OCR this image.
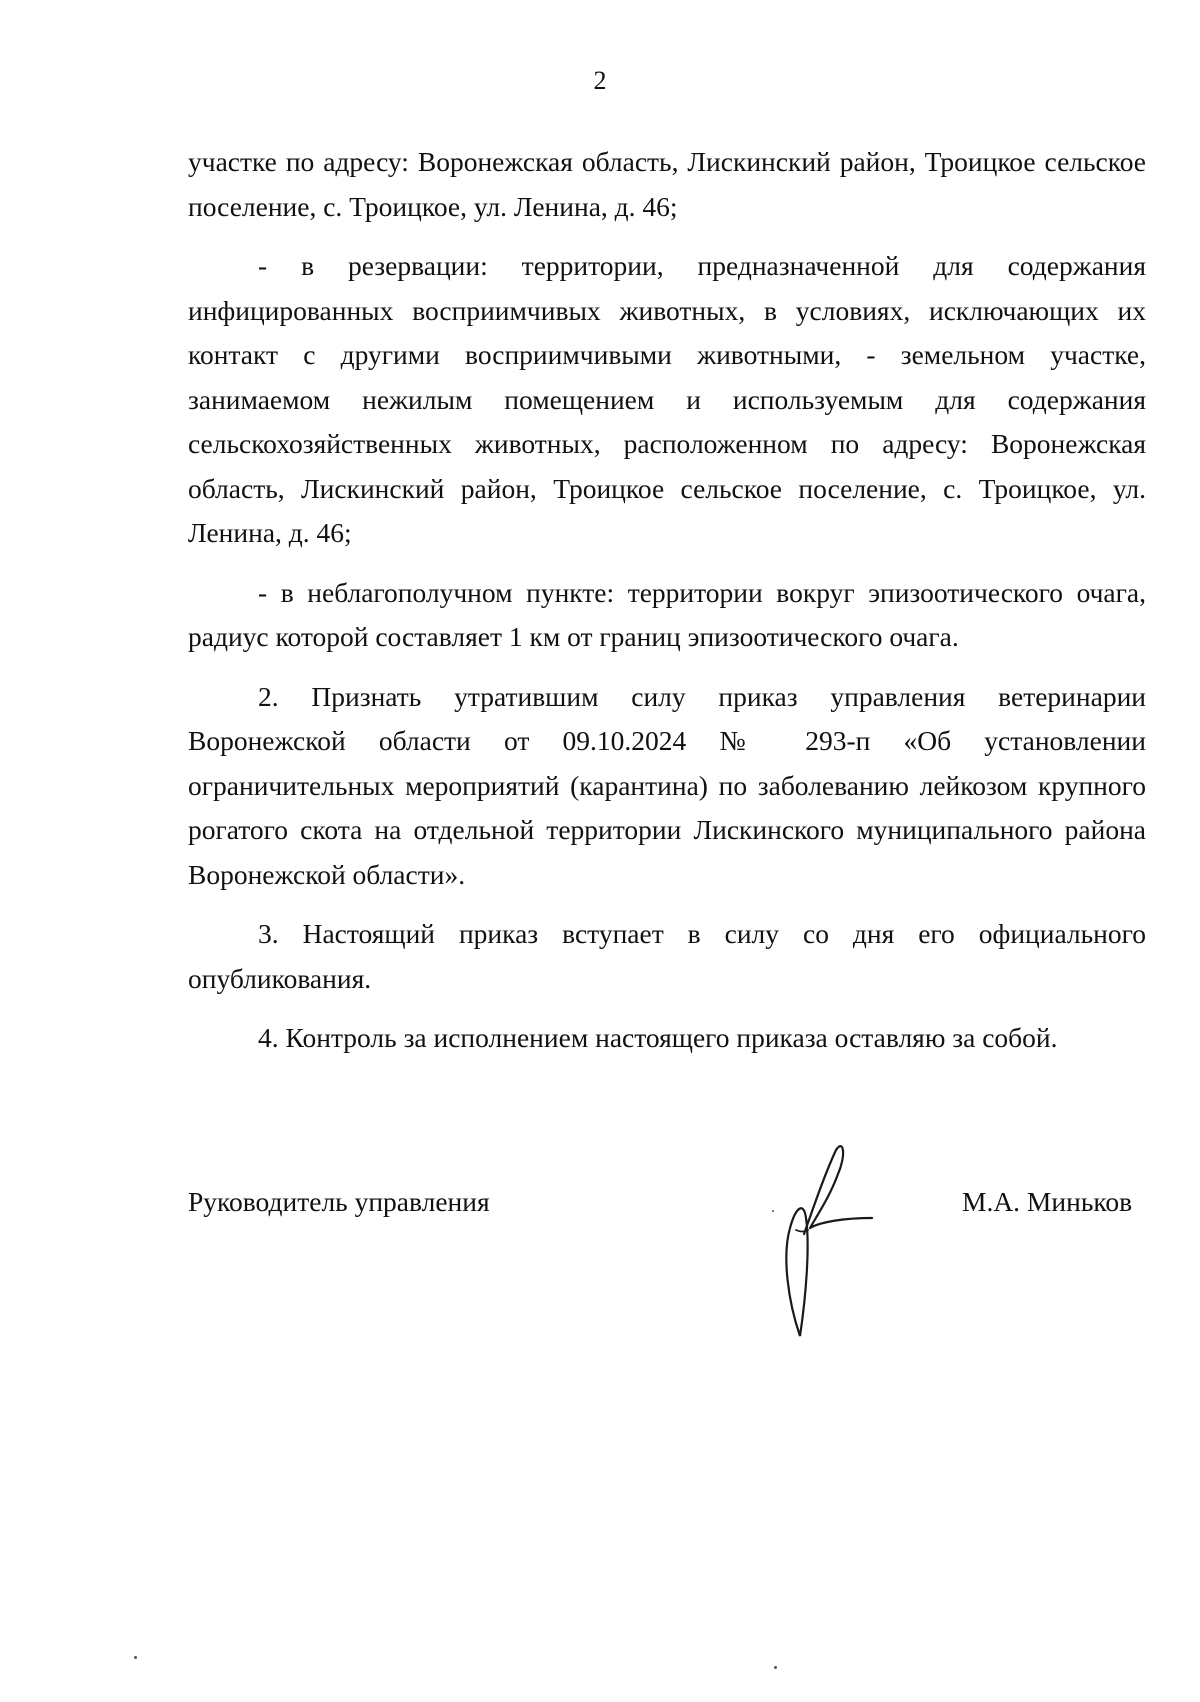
2

участке по адресу: Воронежская область, Лискинский район, Троицкое сельское поселение, с. Троицкое, ул. Ленина, д. 46;

- в резервации: территории, предназначенной для содержания инфицированных восприимчивых животных, в условиях, исключающих их контакт с другими восприимчивыми животными, - земельном участке, занимаемом нежилым помещением и используемым для содержания сельскохозяйственных животных, расположенном по адресу: Воронежская область, Лискинский район, Троицкое сельское поселение, с. Троицкое, ул. Ленина, д. 46;

- в неблагополучном пункте: территории вокруг эпизоотического очага, радиус которой составляет 1 км от границ эпизоотического очага.

2. Признать утратившим силу приказ управления ветеринарии Воронежской области от 09.10.2024 № 293-п «Об установлении ограничительных мероприятий (карантина) по заболеванию лейкозом крупного рогатого скота на отдельной территории Лискинского муниципального района Воронежской области».

3. Настоящий приказ вступает в силу со дня его официального опубликования.

4. Контроль за исполнением настоящего приказа оставляю за собой.

Руководитель управления	М.А. Миньков
